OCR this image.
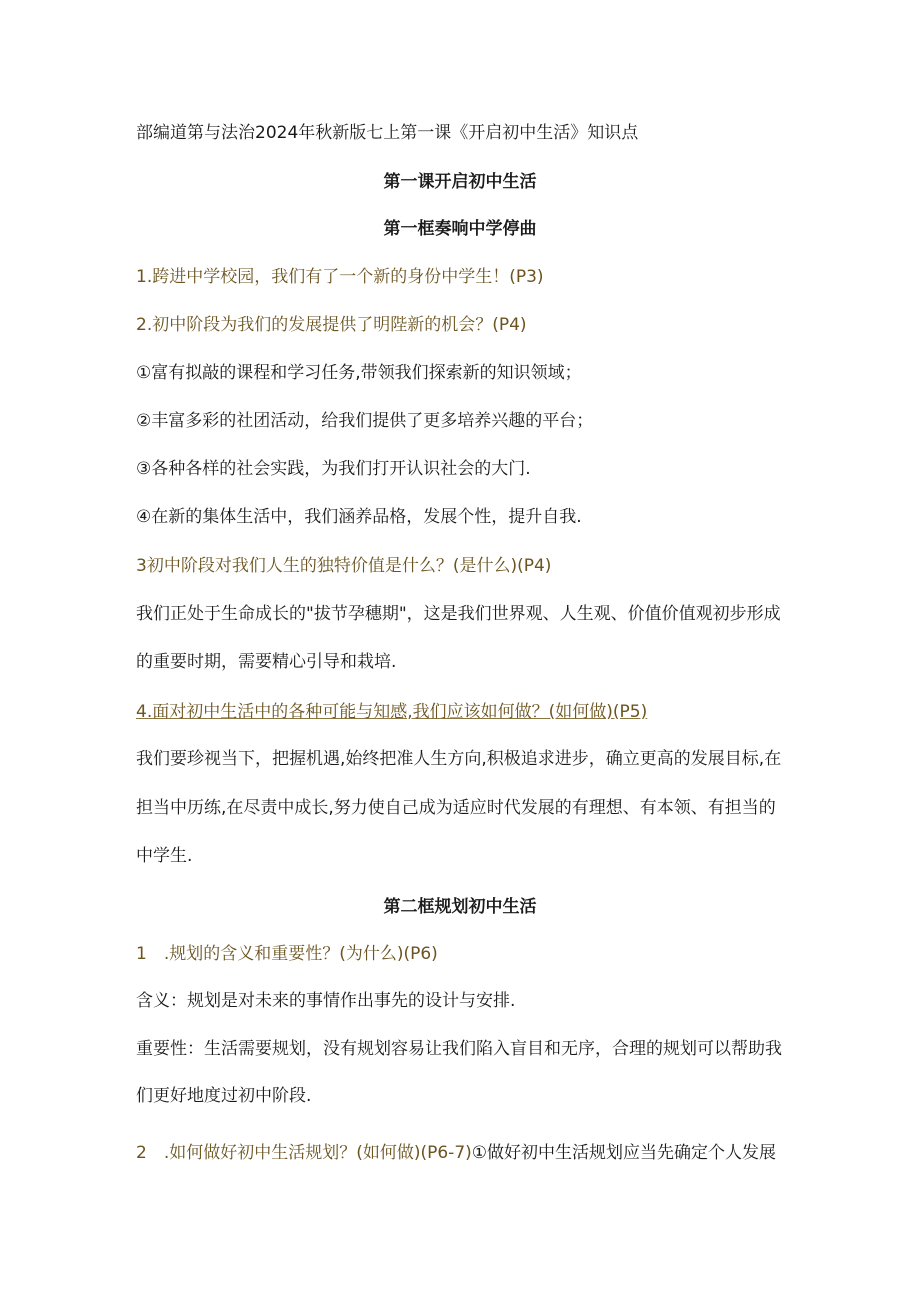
部编道第与法治2024年秋新版七上第一课《开启初中生活》知识点
第一课开启初中生活
第一框奏响中学停曲
1.跨进中学校园，我们有了一个新的身份中学生！(P3)
2.初中阶段为我们的发展提供了明陛新的机会？(P4)
①富有拟敲的课程和学习任务,带领我们探索新的知识领域；
②丰富多彩的社团活动，给我们提供了更多培养兴趣的平台；
③各种各样的社会实践，为我们打开认识社会的大门.
④在新的集体生活中，我们涵养品格，发展个性，提升自我.
3初中阶段对我们人生的独特价值是什么？(是什么)(P4)
我们正处于生命成长的"拔节孕穗期"，这是我们世界观、人生观、价值价值观初步形成
的重要时期，需要精心引导和栽培.
4.面对初中生活中的各种可能与知感,我们应该如何做？(如何做)(P5)
我们要珍视当下，把握机遇,始终把准人生方向,积极追求进步，确立更高的发展目标,在
担当中历练,在尽责中成长,努力使自己成为适应时代发展的有理想、有本领、有担当的
中学生.
第二框规划初中生活
1　.规划的含义和重要性？(为什么)(P6)
含义：规划是对未来的事情作出事先的设计与安排.
重要性：生活需要规划，没有规划容易让我们陷入盲目和无序，合理的规划可以帮助我
们更好地度过初中阶段.
2　.如何做好初中生活规划？(如何做)(P6-7)①做好初中生活规划应当先确定个人发展
